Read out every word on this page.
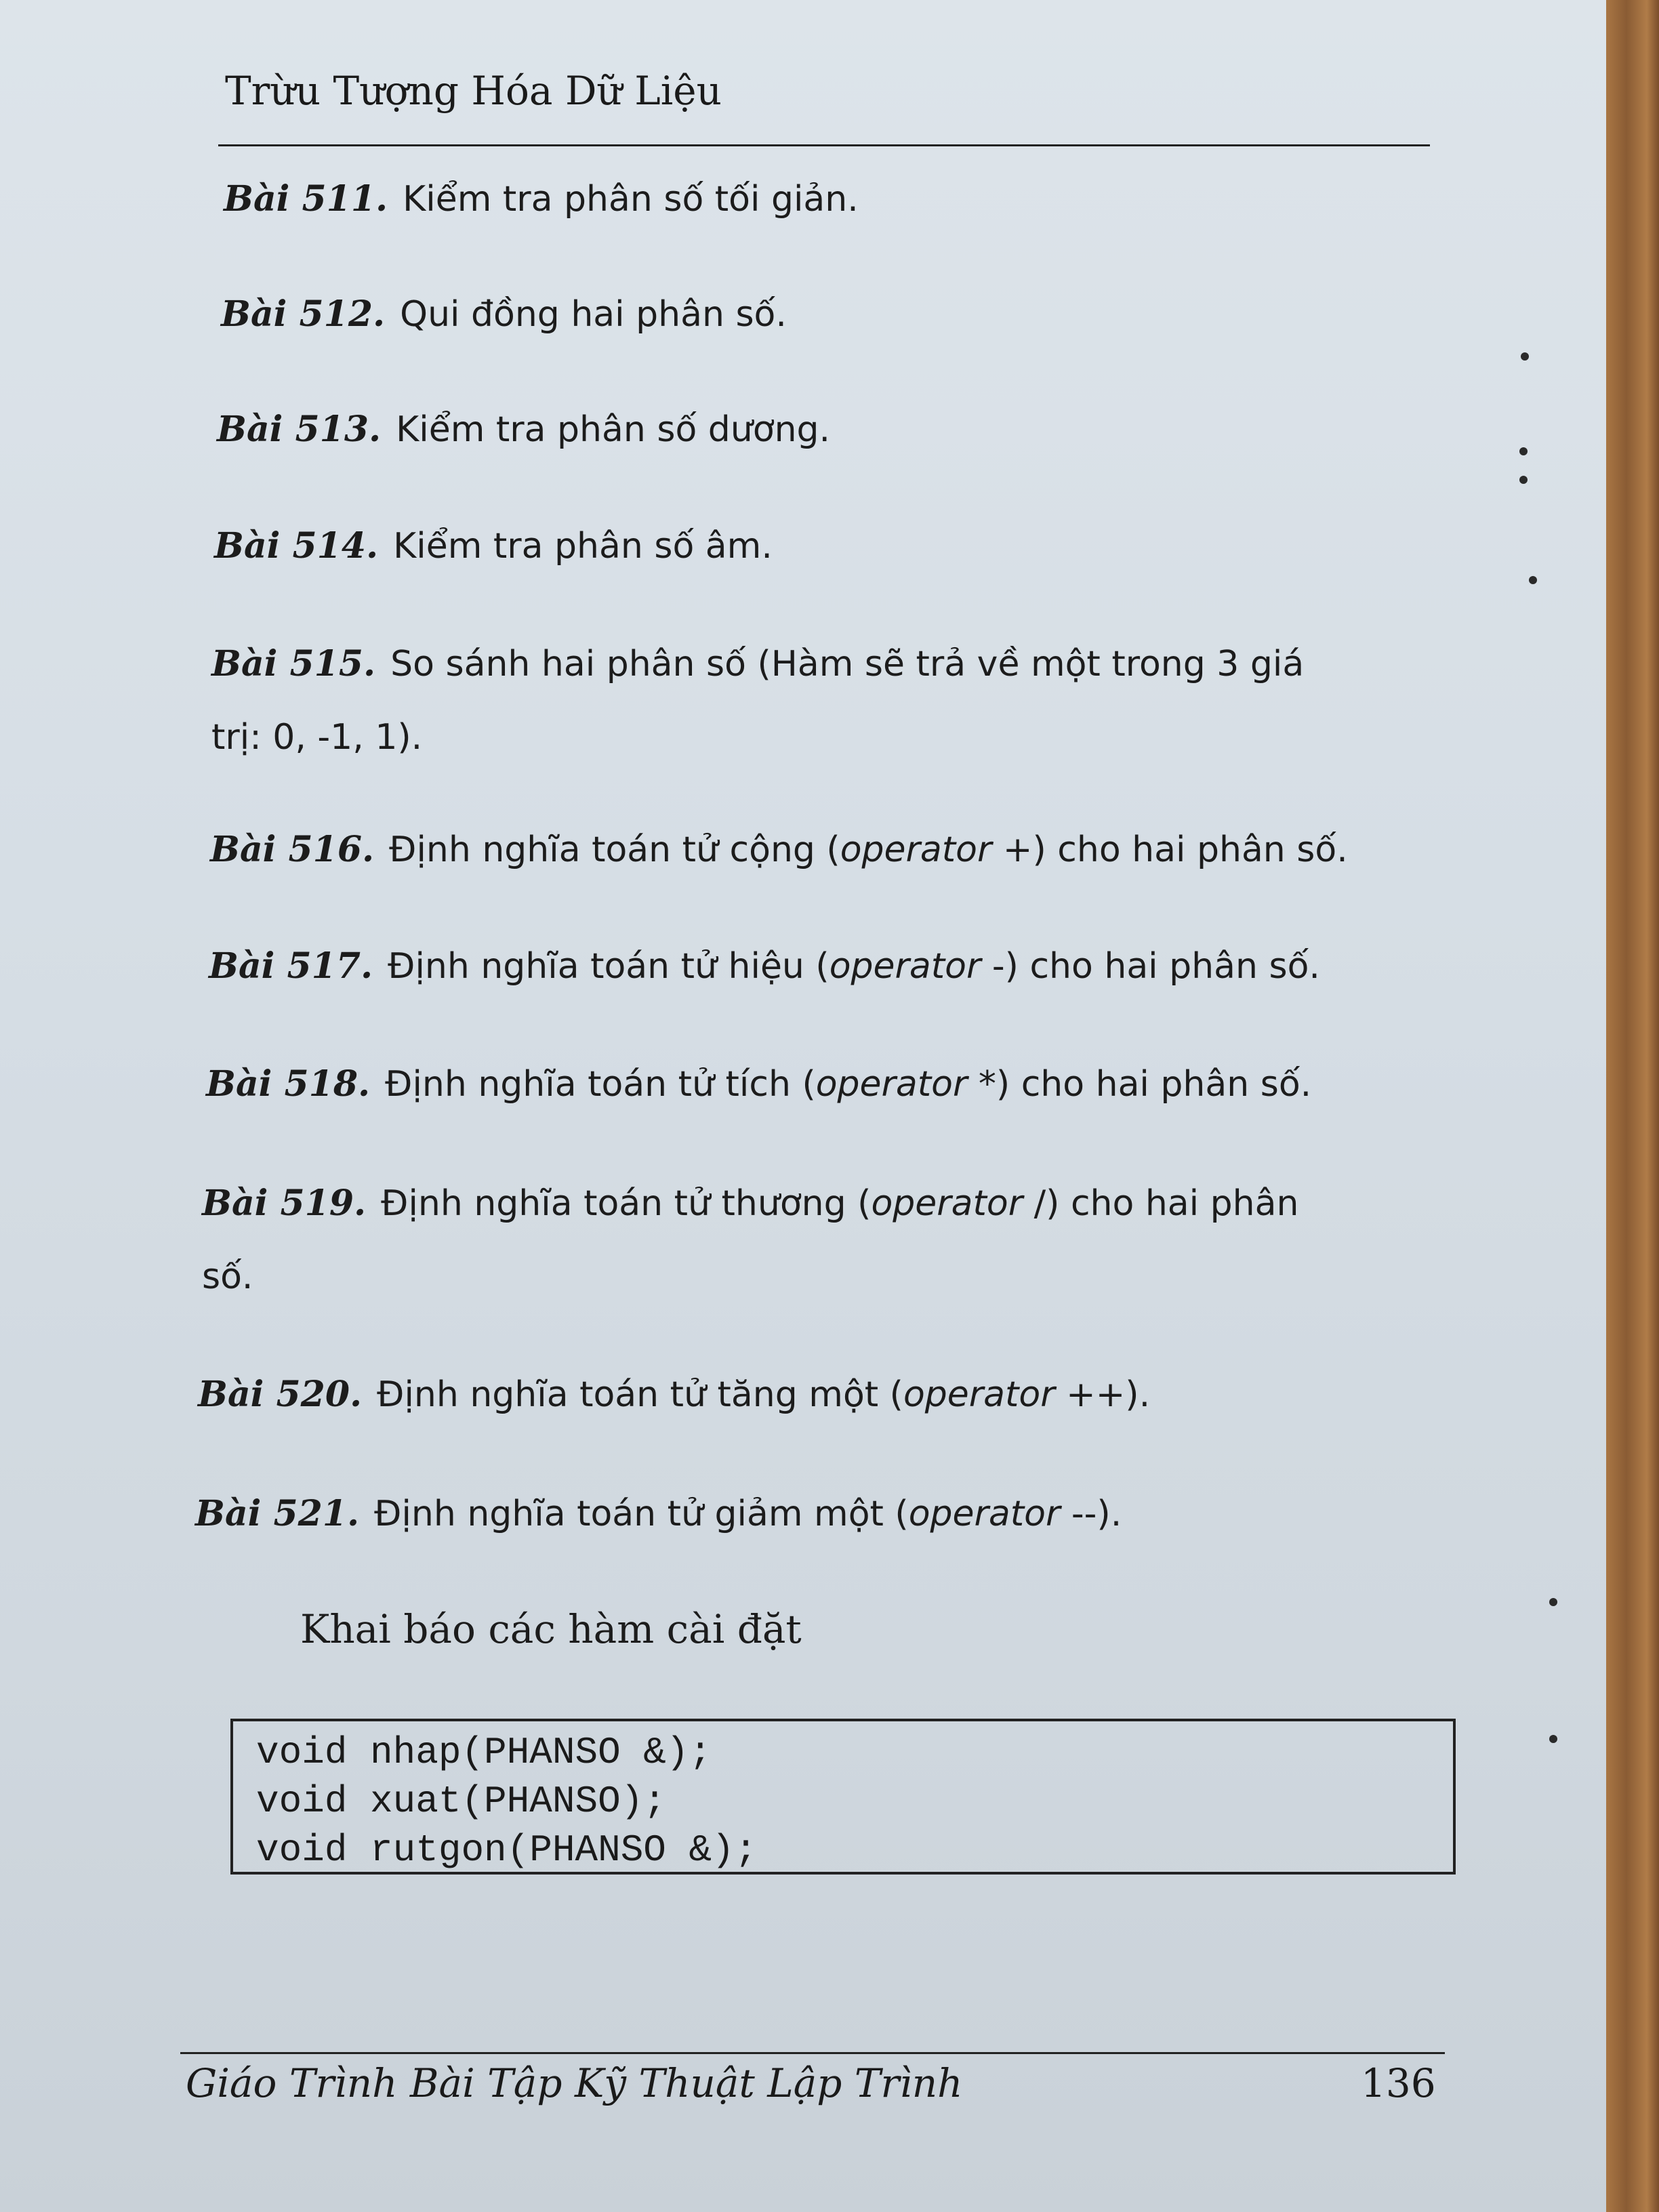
Trừu Tượng Hóa Dữ Liệu
Bài 511. Kiểm tra phân số tối giản.
Bài 512. Qui đồng hai phân số.
Bài 513. Kiểm tra phân số dương.
Bài 514. Kiểm tra phân số âm.
Bài 515. So sánh hai phân số (Hàm sẽ trả về một trong 3 giá
trị: 0, -1, 1).
Bài 516. Định nghĩa toán tử cộng (operator +) cho hai phân số.
Bài 517. Định nghĩa toán tử hiệu (operator -) cho hai phân số.
Bài 518. Định nghĩa toán tử tích (operator *) cho hai phân số.
Bài 519. Định nghĩa toán tử thương (operator /) cho hai phân
số.
Bài 520. Định nghĩa toán tử tăng một (operator ++).
Bài 521. Định nghĩa toán tử giảm một (operator --).
Khai báo các hàm cài đặt
void nhap(PHANSO &);
void xuat(PHANSO);
void rutgon(PHANSO &);
Giáo Trình Bài Tập Kỹ Thuật Lập Trình	136
